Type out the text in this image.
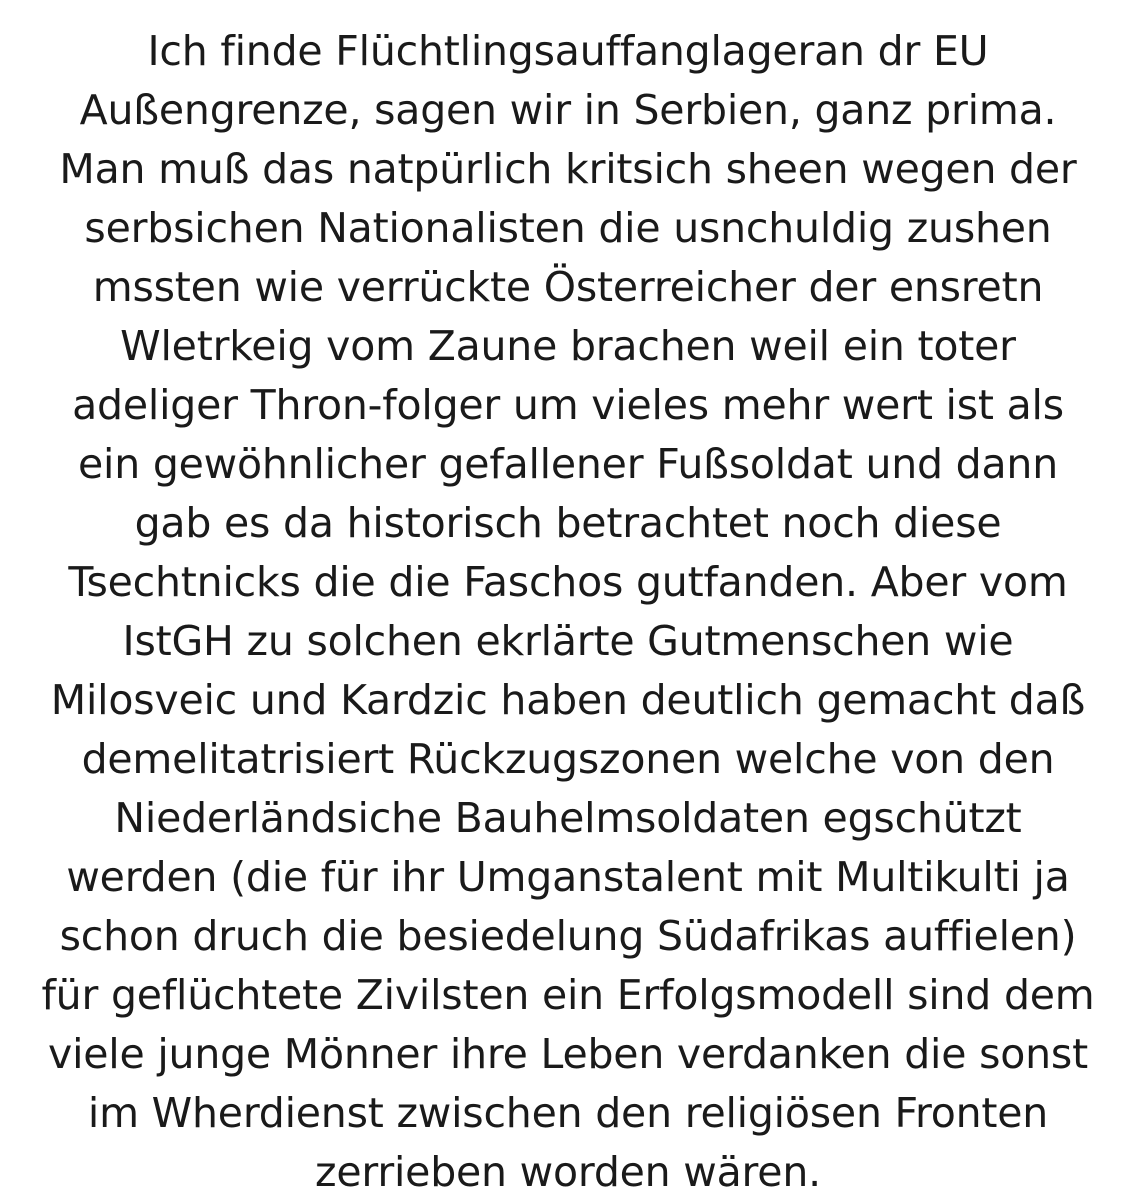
Ich finde Flüchtlingsauffanglageran dr EU Außengrenze, sagen wir in Serbien, ganz prima. Man muß das natpürlich kritsich sheen wegen der serbsichen Nationalisten die usnchuldig zushen mssten wie verrückte Österreicher der ensretn Wletrkeig vom Zaune brachen weil ein toter adeliger Thron-folger um vieles mehr wert ist als ein gewöhnlicher gefallener Fußsoldat und dann gab es da historisch betrachtet noch diese Tsechtnicks die die Faschos gutfanden. Aber vom IstGH zu solchen ekrlärte Gutmenschen wie Milosveic und Kardzic haben deutlich gemacht daß demelitatrisiert Rückzugszonen welche von den Niederländsiche Bauhelmsoldaten egschützt werden (die für ihr Umganstalent mit Multikulti ja schon druch die besiedelung Südafrikas auffielen) für geflüchtete Zivilsten ein Erfolgsmodell sind dem viele junge Mönner ihre Leben verdanken die sonst im Wherdienst zwischen den religiösen Fronten zerrieben worden wären.
